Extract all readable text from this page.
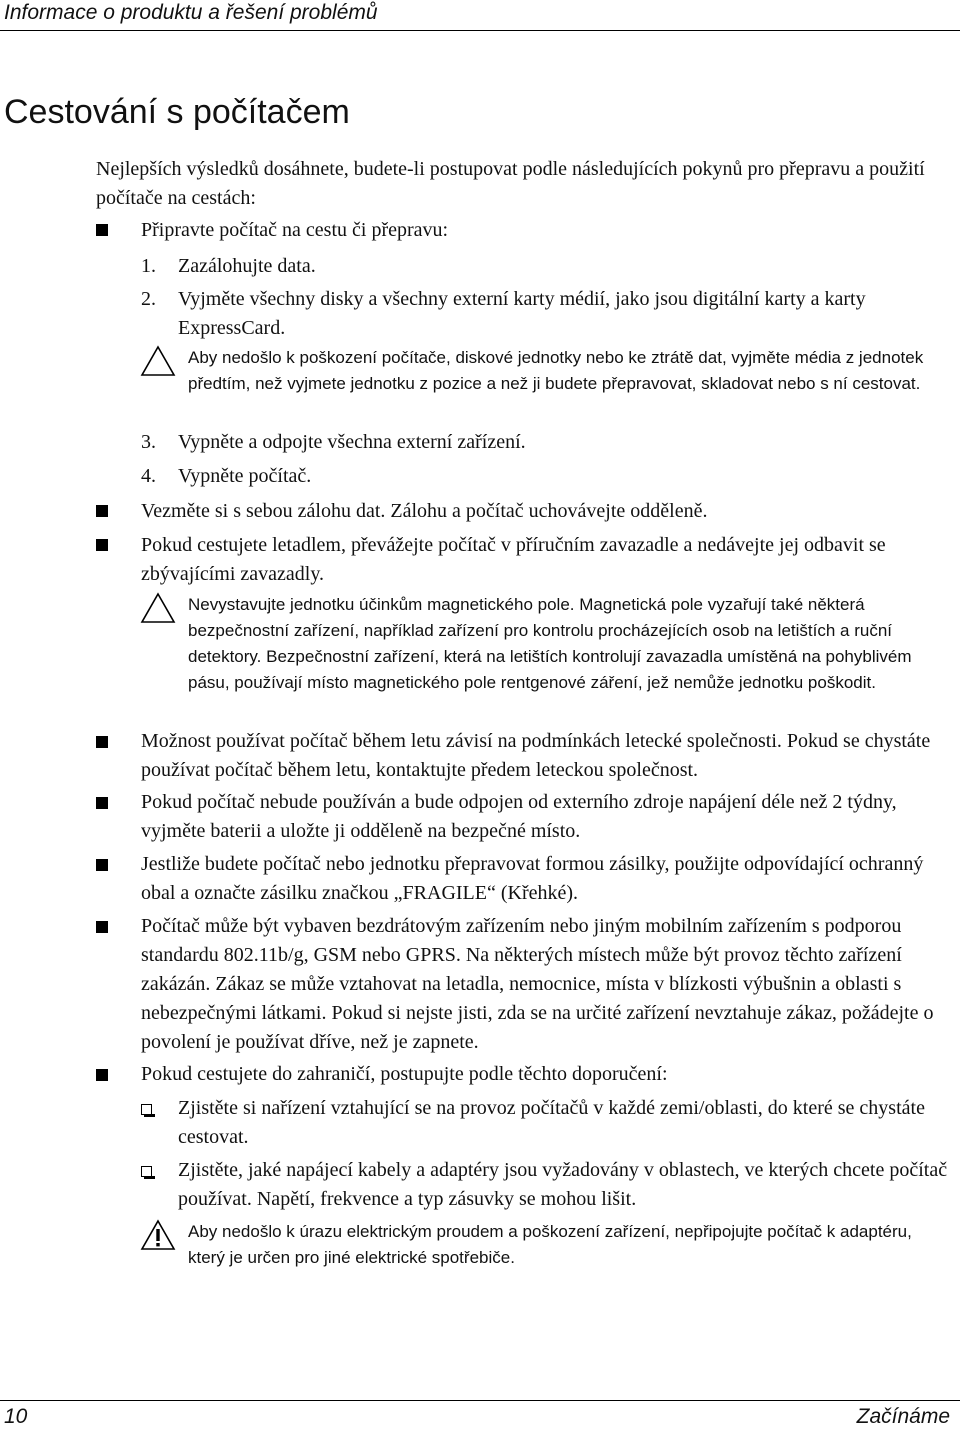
Informace o produktu a řešení problémů
Cestování s počítačem

Nejlepších výsledků dosáhnete, budete-li postupovat podle následujících pokynů pro přepravu a použití počítače na cestách:

Připravte počítač na cestu či přepravu:

1. Zazálohujte data.

2. Vyjměte všechny disky a všechny externí karty médií, jako jsou digitální karty a karty ExpressCard.

Aby nedošlo k poškození počítače, diskové jednotky nebo ke ztrátě dat, vyjměte média z jednotek předtím, než vyjmete jednotku z pozice a než ji budete přepravovat, skladovat nebo s ní cestovat.

3. Vypněte a odpojte všechna externí zařízení.

4. Vypněte počítač.

Vezměte si s sebou zálohu dat. Zálohu a počítač uchovávejte odděleně.

Pokud cestujete letadlem, převážejte počítač v příručním zavazadle a nedávejte jej odbavit se zbývajícími zavazadly.

Nevystavujte jednotku účinkům magnetického pole. Magnetická pole vyzařují také některá bezpečnostní zařízení, například zařízení pro kontrolu procházejících osob na letištích a ruční detektory. Bezpečnostní zařízení, která na letištích kontrolují zavazadla umístěná na pohyblivém pásu, používají místo magnetického pole rentgenové záření, jež nemůže jednotku poškodit.

Možnost používat počítač během letu závisí na podmínkách letecké společnosti. Pokud se chystáte používat počítač během letu, kontaktujte předem leteckou společnost.

Pokud počítač nebude používán a bude odpojen od externího zdroje napájení déle než 2 týdny, vyjměte baterii a uložte ji odděleně na bezpečné místo.

Jestliže budete počítač nebo jednotku přepravovat formou zásilky, použijte odpovídající ochranný obal a označte zásilku značkou „FRAGILE“ (Křehké).

Počítač může být vybaven bezdrátovým zařízením nebo jiným mobilním zařízením s podporou standardu 802.11b/g, GSM nebo GPRS. Na některých místech může být provoz těchto zařízení zakázán. Zákaz se může vztahovat na letadla, nemocnice, místa v blízkosti výbušnin a oblasti s nebezpečnými látkami. Pokud si nejste jisti, zda se na určité zařízení nevztahuje zákaz, požádejte o povolení je používat dříve, než je zapnete.

Pokud cestujete do zahraničí, postupujte podle těchto doporučení:

Zjistěte si nařízení vztahující se na provoz počítačů v každé zemi/oblasti, do které se chystáte cestovat.

Zjistěte, jaké napájecí kabely a adaptéry jsou vyžadovány v oblastech, ve kterých chcete počítač používat. Napětí, frekvence a typ zásuvky se mohou lišit.

Aby nedošlo k úrazu elektrickým proudem a poškození zařízení, nepřipojujte počítač k adaptéru, který je určen pro jiné elektrické spotřebiče.

10	Začínáme
